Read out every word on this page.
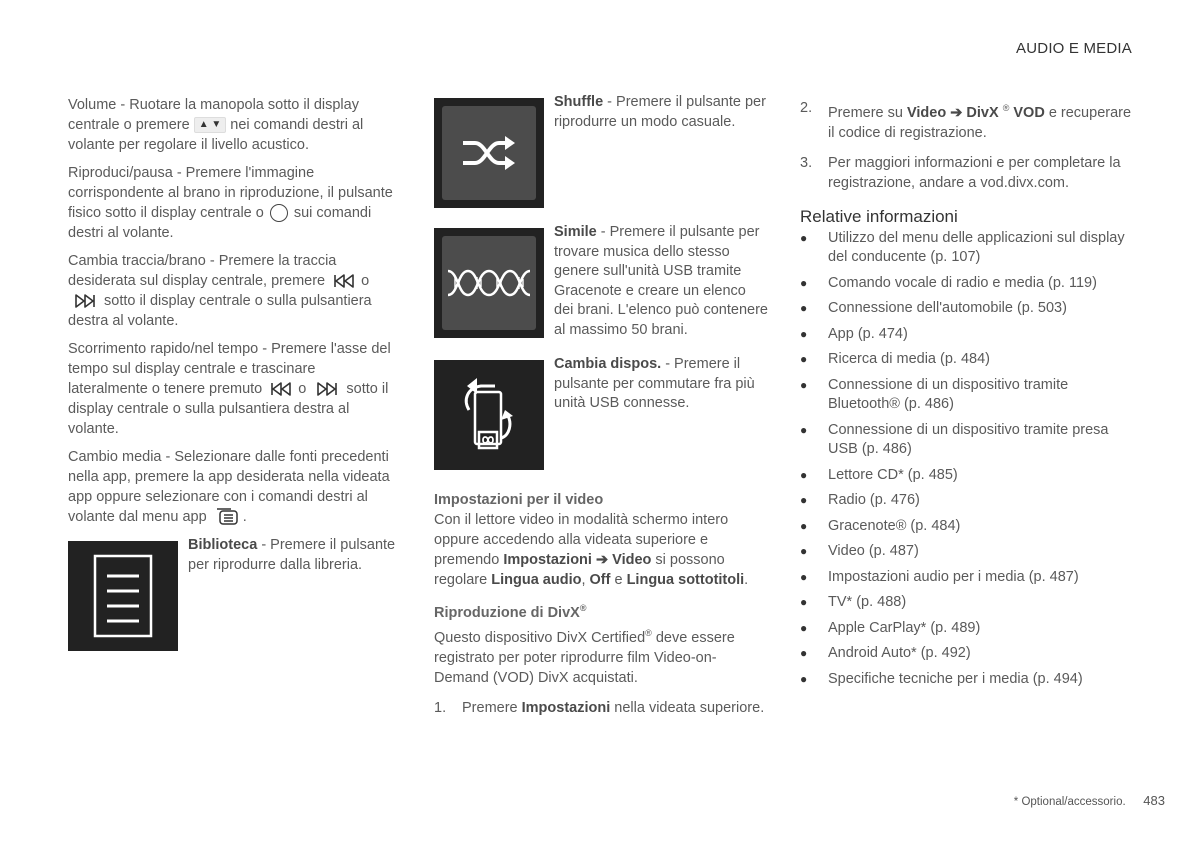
AUDIO E MEDIA

Volume - Ruotare la manopola sotto il display centrale o premere ▲ ▼ nei comandi destri al volante per regolare il livello acustico.

Riproduci/pausa - Premere l'immagine corrispondente al brano in riproduzione, il pulsante fisico sotto il display centrale o sui comandi destri al volante.

Cambia traccia/brano - Premere la traccia desiderata sul display centrale, premere o  sotto il display centrale o sulla pulsantiera destra al volante.

Scorrimento rapido/nel tempo - Premere l'asse del tempo sul display centrale e trascinare lateralmente o tenere premuto o	sotto il display centrale o sulla pulsantiera destra al volante.

Cambio media - Selezionare dalle fonti precedenti nella app, premere la app desiderata nella videata app oppure selezionare con i comandi destri al volante dal menu app .

Biblioteca - Premere il pulsante per riprodurre dalla libreria.
Shuffle - Premere il pulsante per riprodurre un modo casuale.
Simile - Premere il pulsante per trovare musica dello stesso genere sull'unità USB tramite Gracenote e creare un elenco dei brani. L'elenco può contenere al massimo 50 brani.
Cambia dispos. - Premere il pulsante per commutare fra più unità USB connesse.
Impostazioni per il video

Con il lettore video in modalità schermo intero oppure accedendo alla videata superiore e premendo Impostazioni ➔ Video si possono regolare Lingua audio, Off e Lingua sottotitoli.

Riproduzione di DivX®

Questo dispositivo DivX Certified® deve essere registrato per poter riprodurre film Video-on-Demand (VOD) DivX acquistati.

1.	Premere Impostazioni nella videata superiore.
2.	Premere su Video ➔ DivX ® VOD e recuperare il codice di registrazione.
3.	Per maggiori informazioni e per completare la registrazione, andare a vod.divx.com.
Relative informazioni
●	Utilizzo del menu delle applicazioni sul display del conducente (p. 107)
●	Comando vocale di radio e media (p. 119)
●	Connessione dell'automobile (p. 503)
●	App (p. 474)
●	Ricerca di media (p. 484)
●	Connessione di un dispositivo tramite Bluetooth® (p. 486)
●	Connessione di un dispositivo tramite presa USB (p. 486)
●	Lettore CD* (p. 485)
●	Radio (p. 476)
●	Gracenote® (p. 484)
●	Video (p. 487)
●	Impostazioni audio per i media (p. 487)
●	TV* (p. 488)
●	Apple CarPlay* (p. 489)
●	Android Auto* (p. 492)
●	Specifiche tecniche per i media (p. 494)
* Optional/accessorio. 483
